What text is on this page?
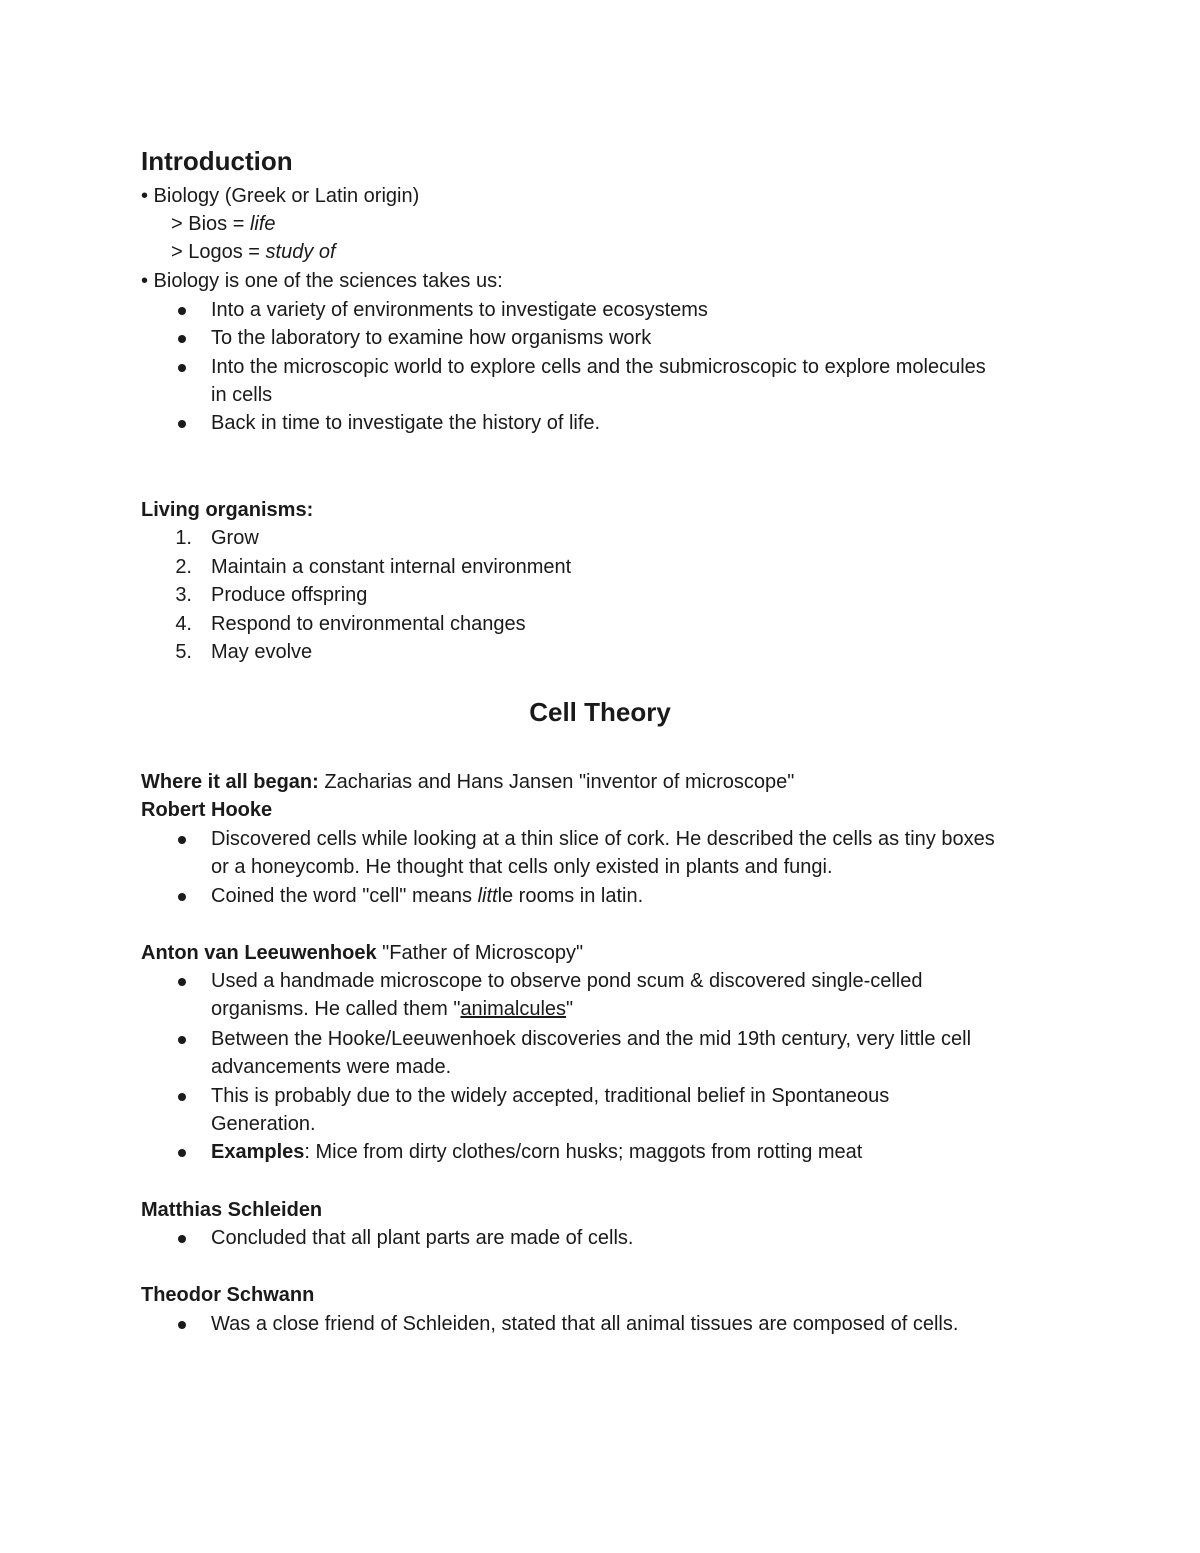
Introduction
• Biology (Greek or Latin origin)
> Bios = life
> Logos = study of
• Biology is one of the sciences takes us:
Into a variety of environments to investigate ecosystems
To the laboratory to examine how organisms work
Into the microscopic world to explore cells and the submicroscopic to explore molecules
in cells
Back in time to investigate the history of life.
Living organisms:
1. Grow
2. Maintain a constant internal environment
3. Produce offspring
4. Respond to environmental changes
5. May evolve
Cell Theory
Where it all began: Zacharias and Hans Jansen "inventor of microscope"
Robert Hooke
Discovered cells while looking at a thin slice of cork. He described the cells as tiny boxes
or a honeycomb. He thought that cells only existed in plants and fungi.
Coined the word "cell" means little rooms in latin.
Anton van Leeuwenhoek "Father of Microscopy"
Used a handmade microscope to observe pond scum & discovered single-celled
organisms. He called them "animalcules"
Between the Hooke/Leeuwenhoek discoveries and the mid 19th century, very little cell
advancements were made.
This is probably due to the widely accepted, traditional belief in Spontaneous
Generation.
Examples: Mice from dirty clothes/corn husks; maggots from rotting meat
Matthias Schleiden
Concluded that all plant parts are made of cells.
Theodor Schwann
Was a close friend of Schleiden, stated that all animal tissues are composed of cells.
